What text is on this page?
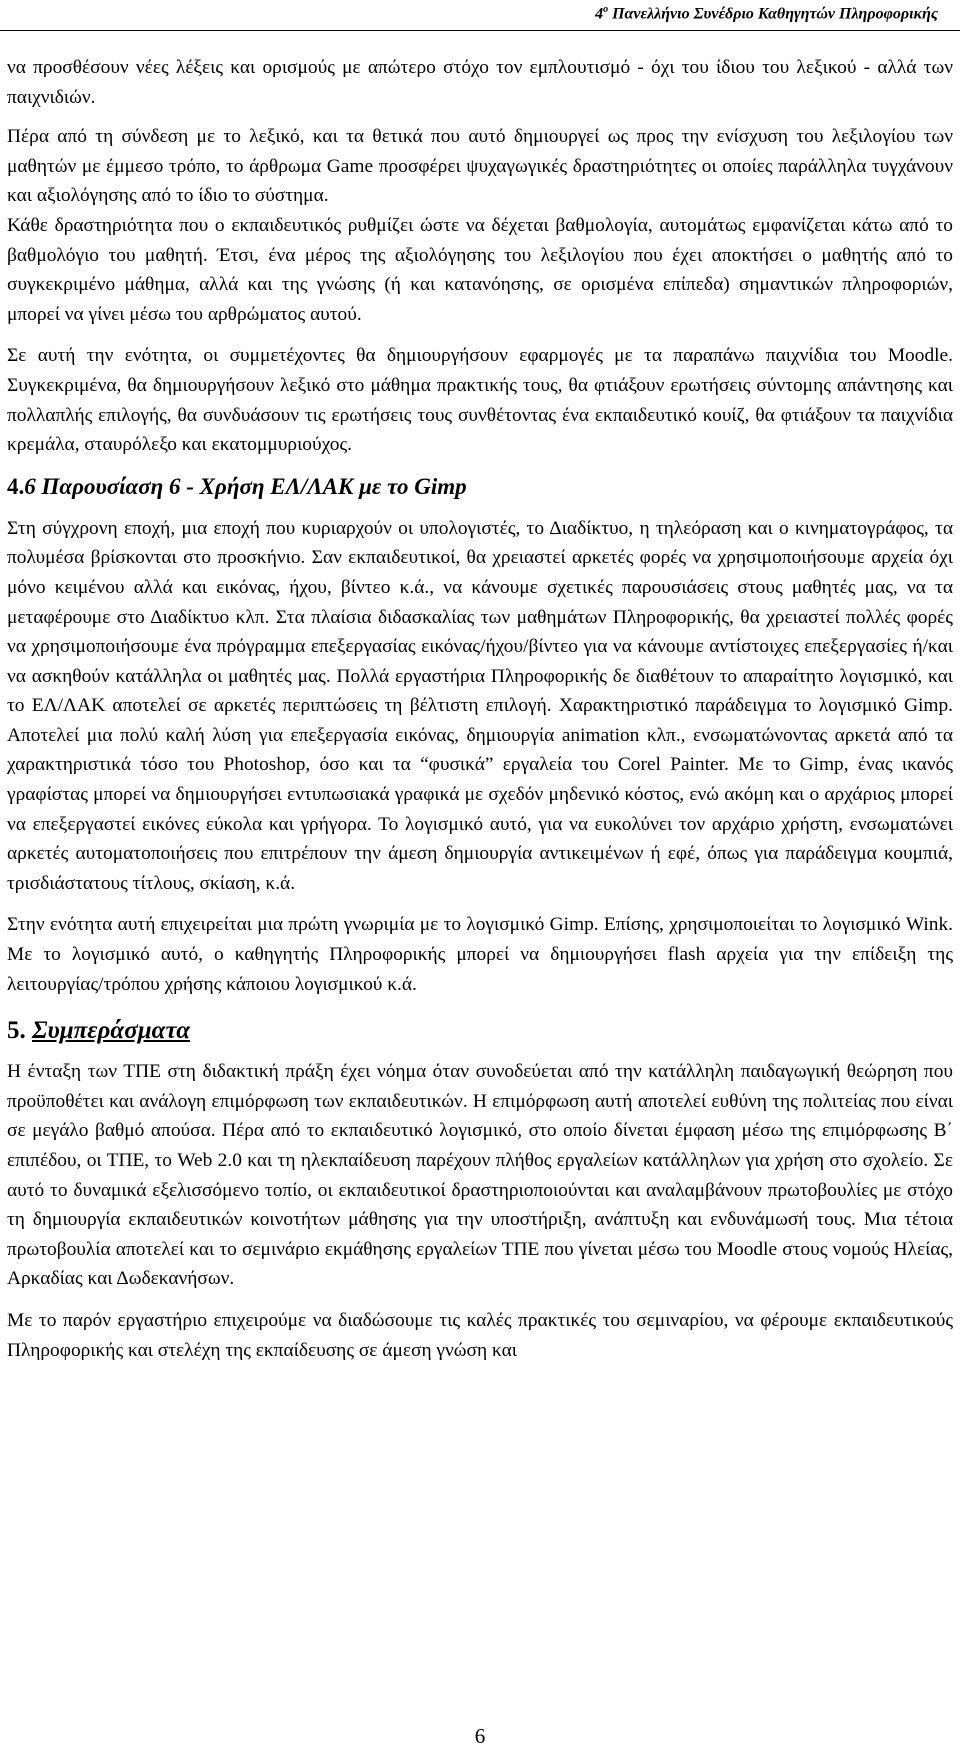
$4^o$ Πανελλήνιο Συνέδριο Καθηγητών Πληροφορικής

να προσθέσουν νέες λέξεις και ορισμούς με απώτερο στόχο τον εμπλουτισμό - όχι του ίδιου του λεξικού - αλλά των παιχνιδιών.

Πέρα από τη σύνδεση με το λεξικό, και τα θετικά που αυτό δημιουργεί ως προς την ενίσχυση του λεξιλογίου των μαθητών με έμμεσο τρόπο, το άρθρωμα Game προσφέρει ψυχαγωγικές δραστηριότητες οι οποίες παράλληλα τυγχάνουν και αξιολόγησης από το ίδιο το σύστημα.

Κάθε δραστηριότητα που ο εκπαιδευτικός ρυθμίζει ώστε να δέχεται βαθμολογία, αυτομάτως εμφανίζεται κάτω από το βαθμολόγιο του μαθητή. Έτσι, ένα μέρος της αξιολόγησης του λεξιλογίου που έχει αποκτήσει ο μαθητής από το συγκεκριμένο μάθημα, αλλά και της γνώσης (ή και κατανόησης, σε ορισμένα επίπεδα) σημαντικών πληροφοριών, μπορεί να γίνει μέσω του αρθρώματος αυτού.

Σε αυτή την ενότητα, οι συμμετέχοντες θα δημιουργήσουν εφαρμογές με τα παραπάνω παιχνίδια του Moodle. Συγκεκριμένα, θα δημιουργήσουν λεξικό στο μάθημα πρακτικής τους, θα φτιάξουν ερωτήσεις σύντομης απάντησης και πολλαπλής επιλογής, θα συνδυάσουν τις ερωτήσεις τους συνθέτοντας ένα εκπαιδευτικό κουίζ, θα φτιάξουν τα παιχνίδια κρεμάλα, σταυρόλεξο και εκατομμυριούχος.

4.6 Παρουσίαση 6 - Χρήση ΕΛ/ΛΑΚ με το Gimp

Στη σύγχρονη εποχή, μια εποχή που κυριαρχούν οι υπολογιστές, το Διαδίκτυο, η τηλεόραση και ο κινηματογράφος, τα πολυμέσα βρίσκονται στο προσκήνιο. Σαν εκπαιδευτικοί, θα χρειαστεί αρκετές φορές να χρησιμοποιήσουμε αρχεία όχι μόνο κειμένου αλλά και εικόνας, ήχου, βίντεο κ.ά., να κάνουμε σχετικές παρουσιάσεις στους μαθητές μας, να τα μεταφέρουμε στο Διαδίκτυο κλπ. Στα πλαίσια διδασκαλίας των μαθημάτων Πληροφορικής, θα χρειαστεί πολλές φορές να χρησιμοποιήσουμε ένα πρόγραμμα επεξεργασίας εικόνας/ήχου/βίντεο για να κάνουμε αντίστοιχες επεξεργασίες ή/και να ασκηθούν κατάλληλα οι μαθητές μας. Πολλά εργαστήρια Πληροφορικής δε διαθέτουν το απαραίτητο λογισμικό, και το ΕΛ/ΛΑΚ αποτελεί σε αρκετές περιπτώσεις τη βέλτιστη επιλογή. Χαρακτηριστικό παράδειγμα το λογισμικό Gimp. Αποτελεί μια πολύ καλή λύση για επεξεργασία εικόνας, δημιουργία animation κλπ., ενσωματώνοντας αρκετά από τα χαρακτηριστικά τόσο του Photoshop, όσο και τα “φυσικά” εργαλεία του Corel Painter. Με το Gimp, ένας ικανός γραφίστας μπορεί να δημιουργήσει εντυπωσιακά γραφικά με σχεδόν μηδενικό κόστος, ενώ ακόμη και ο αρχάριος μπορεί να επεξεργαστεί εικόνες εύκολα και γρήγορα. Το λογισμικό αυτό, για να ευκολύνει τον αρχάριο χρήστη, ενσωματώνει αρκετές αυτοματοποιήσεις που επιτρέπουν την άμεση δημιουργία αντικειμένων ή εφέ, όπως για παράδειγμα κουμπιά, τρισδιάστατους τίτλους, σκίαση, κ.ά.

Στην ενότητα αυτή επιχειρείται μια πρώτη γνωριμία με το λογισμικό Gimp. Επίσης, χρησιμοποιείται το λογισμικό Wink. Με το λογισμικό αυτό, ο καθηγητής Πληροφορικής μπορεί να δημιουργήσει flash αρχεία για την επίδειξη της λειτουργίας/τρόπου χρήσης κάποιου λογισμικού κ.ά.

5. Συμπεράσματα

Η ένταξη των ΤΠΕ στη διδακτική πράξη έχει νόημα όταν συνοδεύεται από την κατάλληλη παιδαγωγική θεώρηση που προϋποθέτει και ανάλογη επιμόρφωση των εκπαιδευτικών. Η επιμόρφωση αυτή αποτελεί ευθύνη της πολιτείας που είναι σε μεγάλο βαθμό απούσα. Πέρα από το εκπαιδευτικό λογισμικό, στο οποίο δίνεται έμφαση μέσω της επιμόρφωσης Β΄ επιπέδου, οι ΤΠΕ, το Web 2.0 και τη ηλεκπαίδευση παρέχουν πλήθος εργαλείων κατάλληλων για χρήση στο σχολείο. Σε αυτό το δυναμικά εξελισσόμενο τοπίο, οι εκπαιδευτικοί δραστηριοποιούνται και αναλαμβάνουν πρωτοβουλίες με στόχο τη δημιουργία εκπαιδευτικών κοινοτήτων μάθησης για την υποστήριξη, ανάπτυξη και ενδυνάμωσή τους. Μια τέτοια πρωτοβουλία αποτελεί και το σεμινάριο εκμάθησης εργαλείων ΤΠΕ που γίνεται μέσω του Moodle στους νομούς Ηλείας, Αρκαδίας και Δωδεκανήσων.

Με το παρόν εργαστήριο επιχειρούμε να διαδώσουμε τις καλές πρακτικές του σεμιναρίου, να φέρουμε εκπαιδευτικούς Πληροφορικής και στελέχη της εκπαίδευσης σε άμεση γνώση και

6
